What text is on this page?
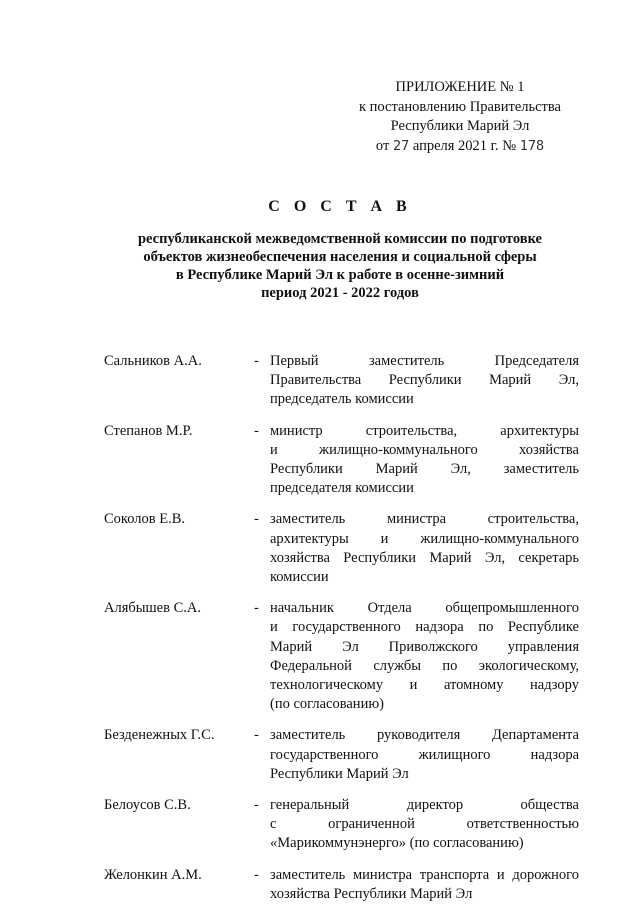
ПРИЛОЖЕНИЕ № 1
к постановлению Правительства
Республики Марий Эл
от 27 апреля 2021 г. № 178
С О С Т А В
республиканской межведомственной комиссии по подготовке
объектов жизнеобеспечения населения и социальной сферы
в Республике Марий Эл к работе в осенне-зимний
период 2021 - 2022 годов
Сальников А.А.	- Первый заместитель Председателя
Правительства Республики Марий Эл,
председатель комиссии
Степанов М.Р.	- министр строительства, архитектуры
и жилищно-коммунального хозяйства
Республики Марий Эл, заместитель
председателя комиссии
Соколов Е.В.	- заместитель министра строительства,
архитектуры и жилищно-коммунального
хозяйства Республики Марий Эл, секретарь
комиссии
Алябышев С.А.	- начальник Отдела общепромышленного
и государственного надзора по Республике
Марий Эл Приволжского управления
Федеральной службы по экологическому,
технологическому и атомному надзору
(по согласованию)
Безденежных Г.С.	- заместитель руководителя Департамента
государственного жилищного надзора
Республики Марий Эл
Белоусов С.В.	- генеральный директор общества
с ограниченной ответственностью
«Марикоммунэнерго» (по согласованию)
Желонкин А.М.	- заместитель министра транспорта и дорожного
хозяйства Республики Марий Эл
